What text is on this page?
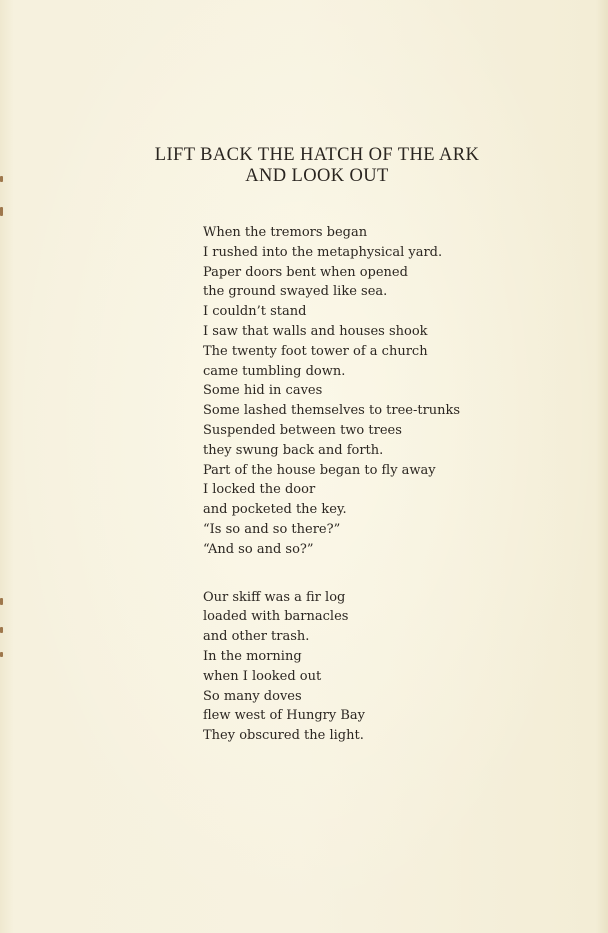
LIFT BACK THE HATCH OF THE ARK
AND LOOK OUT
When the tremors began
I rushed into the metaphysical yard.
Paper doors bent when opened
the ground swayed like sea.
I couldn’t stand
I saw that walls and houses shook
The twenty foot tower of a church
came tumbling down.
Some hid in caves
Some lashed themselves to tree-trunks
Suspended between two trees
they swung back and forth.
Part of the house began to fly away
I locked the door
and pocketed the key.
“Is so and so there?”
“And so and so?”
Our skiff was a fir log
loaded with barnacles
and other trash.
In the morning
when I looked out
So many doves
flew west of Hungry Bay
They obscured the light.
